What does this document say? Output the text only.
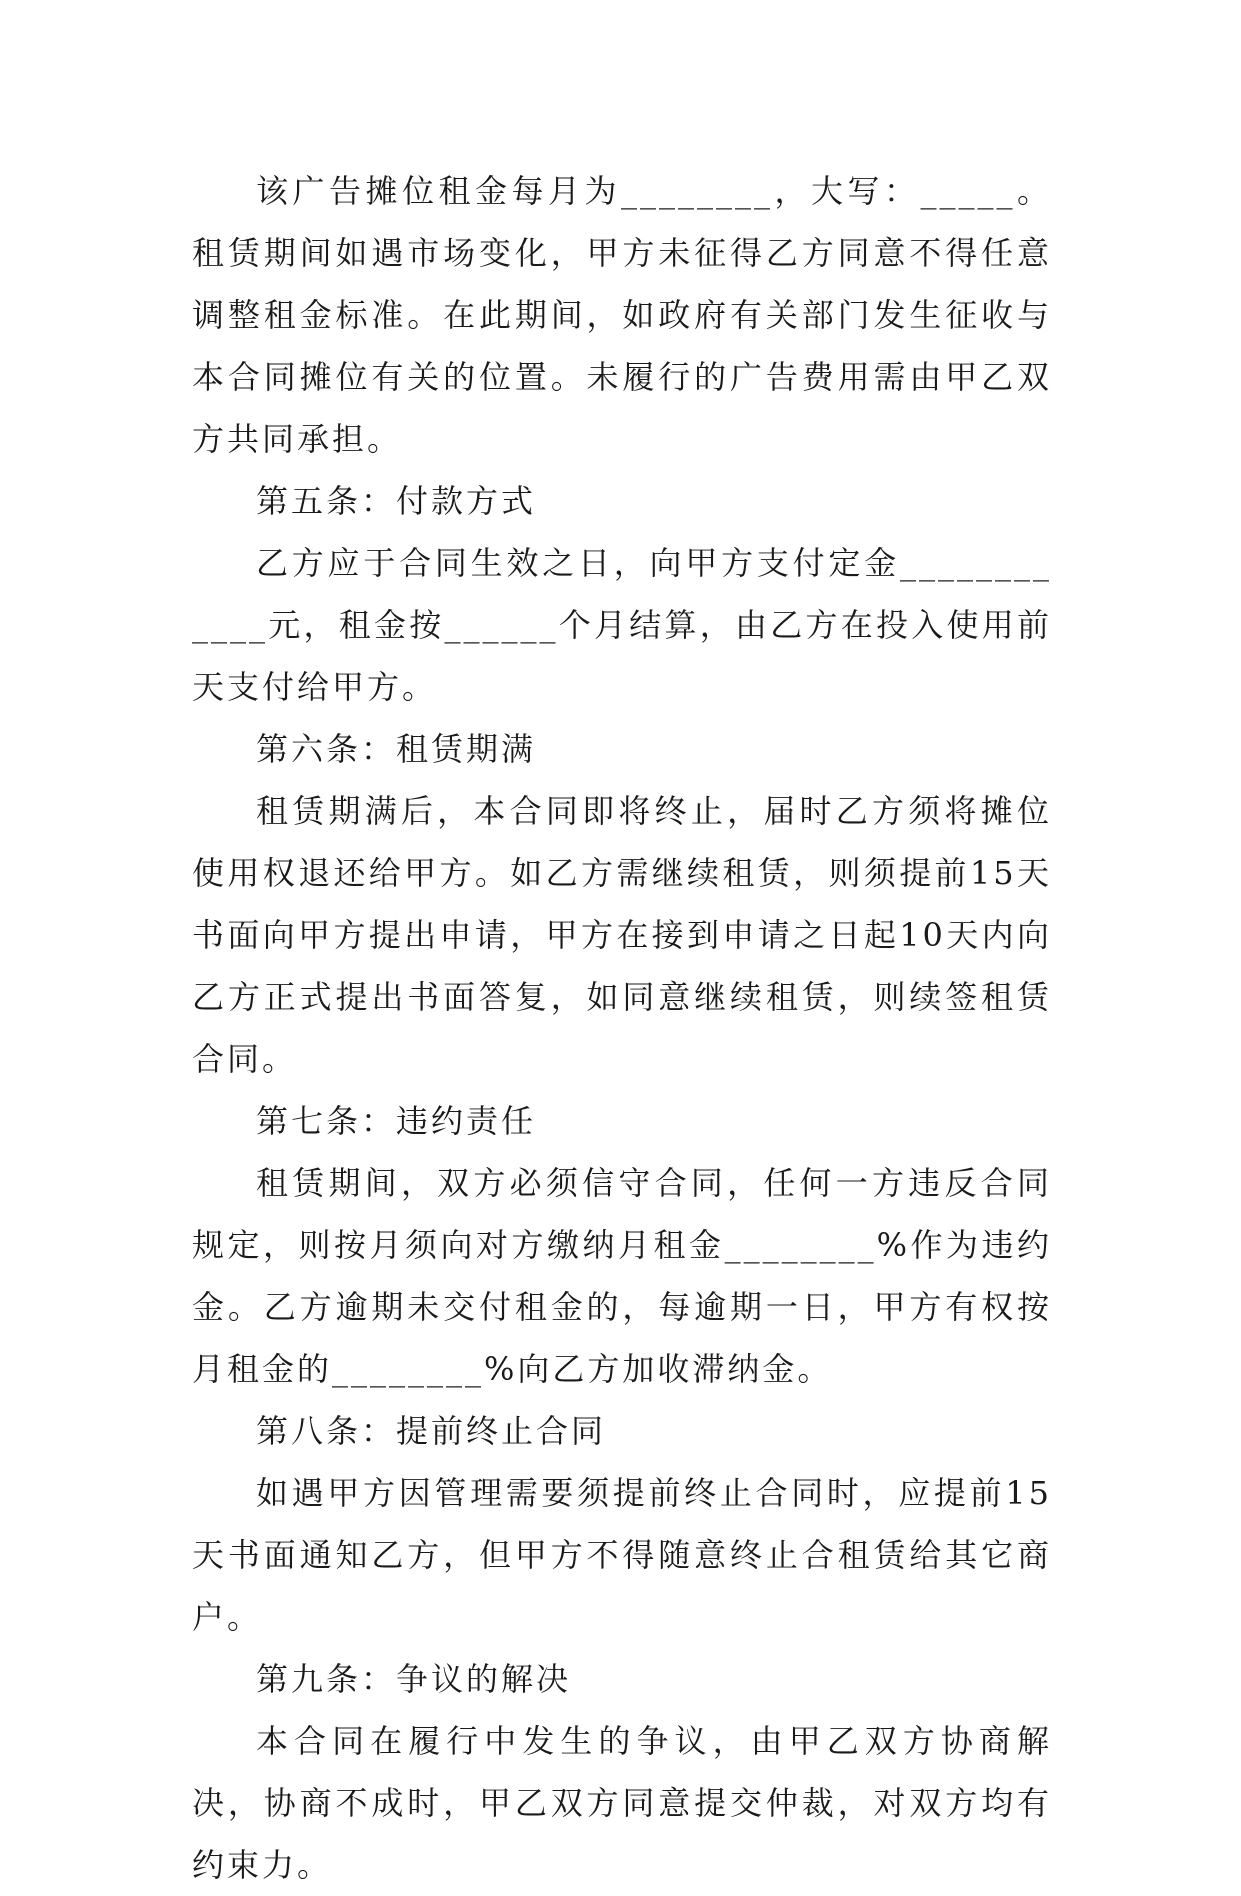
该广告摊位租金每月为________，大写：_____。租赁期间如遇市场变化，甲方未征得乙方同意不得任意调整租金标准。在此期间，如政府有关部门发生征收与本合同摊位有关的位置。未履行的广告费用需由甲乙双方共同承担。

第五条：付款方式

乙方应于合同生效之日，向甲方支付定金____________元，租金按______个月结算，由乙方在投入使用前天支付给甲方。

第六条：租赁期满

租赁期满后，本合同即将终止，届时乙方须将摊位使用权退还给甲方。如乙方需继续租赁，则须提前15天书面向甲方提出申请，甲方在接到申请之日起10天内向乙方正式提出书面答复，如同意继续租赁，则续签租赁合同。

第七条：违约责任

租赁期间，双方必须信守合同，任何一方违反合同规定，则按月须向对方缴纳月租金________%作为违约金。乙方逾期未交付租金的，每逾期一日，甲方有权按月租金的________%向乙方加收滞纳金。

第八条：提前终止合同

如遇甲方因管理需要须提前终止合同时，应提前15天书面通知乙方，但甲方不得随意终止合租赁给其它商户。

第九条：争议的解决

本合同在履行中发生的争议，由甲乙双方协商解决，协商不成时，甲乙双方同意提交仲裁，对双方均有约束力。
